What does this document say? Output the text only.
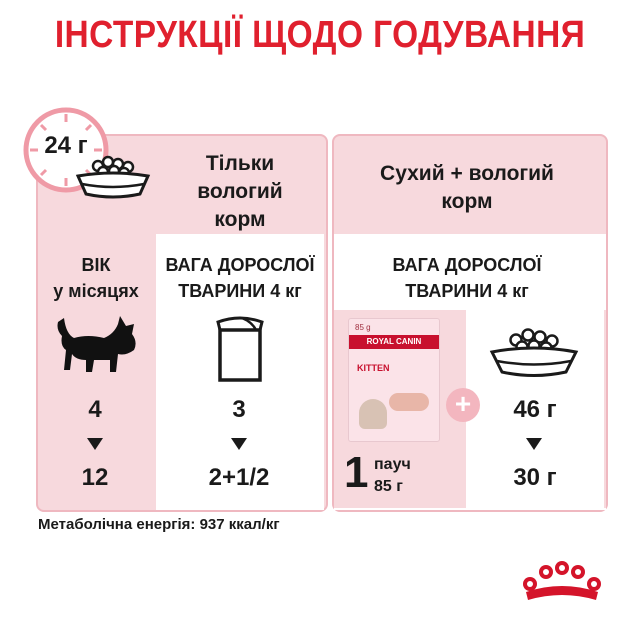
ІНСТРУКЦІЇ ЩОДО ГОДУВАННЯ
24 г
Тільки
вологий
корм
ВІК
у місяцях
ВАГА ДОРОСЛОЇ
ТВАРИНИ 4 кг
4
12
3
2+1/2
Сухий + вологий
корм
ВАГА ДОРОСЛОЇ
ТВАРИНИ 4 кг
85 g
ROYAL CANIN
KITTEN
+
1 пауч
85 г
46 г
30 г
Метаболічна енергія: 937 ккал/кг
